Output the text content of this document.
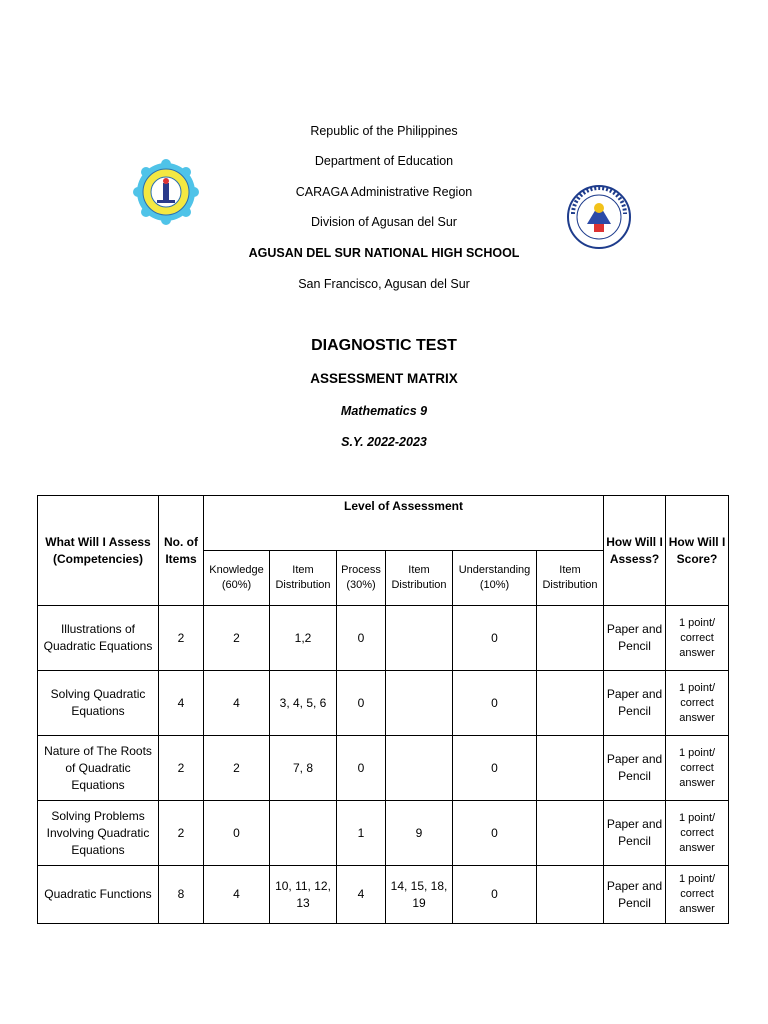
Republic of the Philippines
Department of Education
CARAGA Administrative Region
Division of Agusan del Sur
AGUSAN DEL SUR NATIONAL HIGH SCHOOL
San Francisco, Agusan del Sur
DIAGNOSTIC TEST
ASSESSMENT MATRIX
Mathematics 9
S.Y. 2022-2023
What Will I Assess (Competencies)	No. of Items	Level of Assessment						How Will I Assess?	How Will I Score?
		Knowledge (60%)	Item Distribution	Process (30%)	Item Distribution	Understanding (10%)	Item Distribution		
Illustrations of Quadratic Equations	2	2	1,2	0		0		Paper and Pencil	1 point/ correct answer
Solving Quadratic Equations	4	4	3, 4, 5, 6	0		0		Paper and Pencil	1 point/ correct answer
Nature of The Roots of Quadratic Equations	2	2	7, 8	0		0		Paper and Pencil	1 point/ correct answer
Solving Problems Involving Quadratic Equations	2	0		1	9	0		Paper and Pencil	1 point/ correct answer
Quadratic Functions	8	4	10, 11, 12, 13	4	14, 15, 18, 19	0		Paper and Pencil	1 point/ correct answer
